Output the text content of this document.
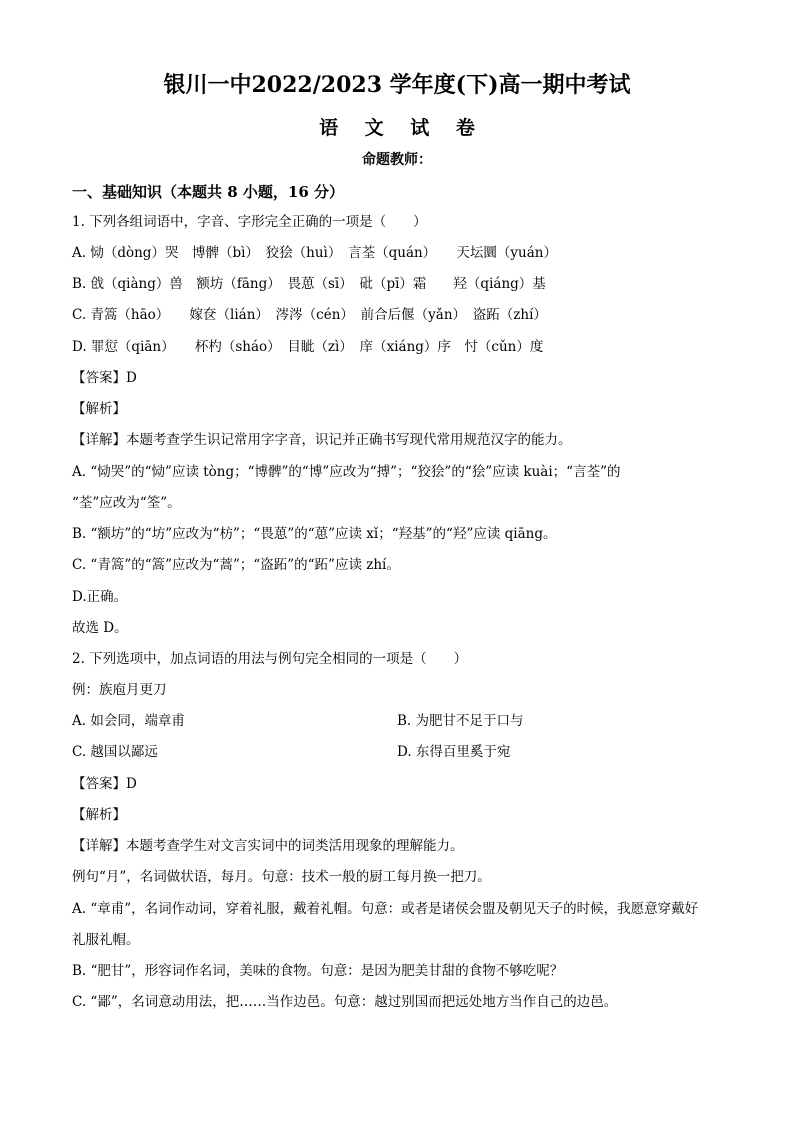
银川一中2022/2023 学年度(下)高一期中考试
语 文 试 卷
命题教师：
一、基础知识（本题共 8 小题，16 分）
1. 下列各组词语中，字音、字形完全正确的一项是（　　）
A. 恸（dòng）哭　博髀（bì）　狡狯（huì）　言荃（quán）　　天坛圜（yuán）
B. 戗（qiàng）兽　额坊（fāng）　畏葸（sī）　砒（pī）霜　　羟（qiáng）基
C. 青篙（hāo）　　嫁奁（lián）　涔涔（cén）　前合后偃（yǎn）　盗跖（zhí）
D. 罪愆（qiān）　　杯杓（sháo）　目眦（zì）　庠（xiáng）序　忖（cǔn）度
【答案】D
【解析】
【详解】本题考查学生识记常用字字音，识记并正确书写现代常用规范汉字的能力。
A. “恸哭”的“恸”应读 tòng；“博髀”的“博”应改为“搏”；“狡狯”的“狯”应读 kuài；“言荃”的
“荃”应改为“筌”。
B. “额坊”的“坊”应改为“枋”；“畏葸”的“葸”应读 xǐ；“羟基”的“羟”应读 qiāng。
C. “青篙”的“篙”应改为“蒿”；“盗跖”的“跖”应读 zhí。
D.正确。
故选 D。
2. 下列选项中，加点词语的用法与例句完全相同的一项是（　　）
例：族庖月更刀
A. 如会同，端章甫	B. 为肥甘不足于口与
C. 越国以鄙远	D. 东得百里奚于宛
【答案】D
【解析】
【详解】本题考查学生对文言实词中的词类活用现象的理解能力。
例句“月”，名词做状语，每月。句意：技术一般的厨工每月换一把刀。
A. “章甫”，名词作动词，穿着礼服，戴着礼帽。句意：或者是诸侯会盟及朝见天子的时候，我愿意穿戴好
礼服礼帽。
B. “肥甘”，形容词作名词，美味的食物。句意：是因为肥美甘甜的食物不够吃呢？
C. “鄙”，名词意动用法，把……当作边邑。句意：越过别国而把远处地方当作自己的边邑。
